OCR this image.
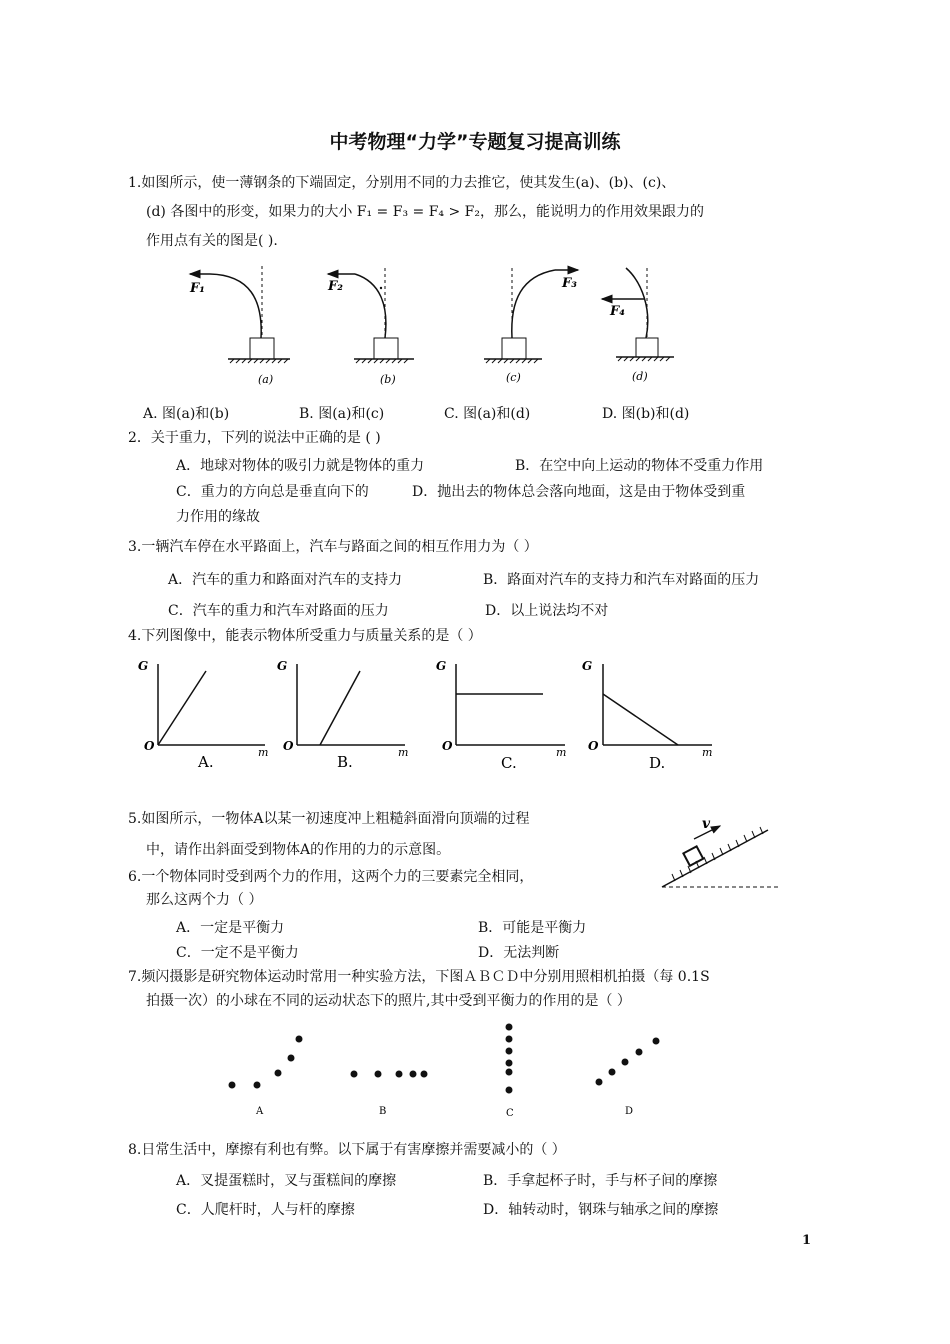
中考物理“力学”专题复习提高训练
1.如图所示，使一薄钢条的下端固定，分别用不同的力去推它，使其发生(a)、(b)、(c)、
(d) 各图中的形变，如果力的大小 F₁ = F₃ = F₄ > F₂，那么，能说明力的作用效果跟力的
作用点有关的图是( ).
F₁
(a)
F₂
(b)
F₃
(c)
F₄
(d)
A. 图(a)和(b)	B. 图(a)和(c)	C. 图(a)和(d)	D. 图(b)和(d)
2．关于重力，下列的说法中正确的是 ( )
A．地球对物体的吸引力就是物体的重力	B．在空中向上运动的物体不受重力作用
C．重力的方向总是垂直向下的	D．抛出去的物体总会落向地面，这是由于物体受到重
力作用的缘故
3.一辆汽车停在水平路面上，汽车与路面之间的相互作用力为（ ）
A．汽车的重力和路面对汽车的支持力	B．路面对汽车的支持力和汽车对路面的压力
C．汽车的重力和汽车对路面的压力	D．以上说法均不对
4.下列图像中，能表示物体所受重力与质量关系的是（ ）
G
O	m
A.
G
O	m
B.
G
O	m
C.
G
O	m
D.
5.如图所示，一物体A以某一初速度冲上粗糙斜面滑向顶端的过程
中，请作出斜面受到物体A的作用的力的示意图。
v
6.一个物体同时受到两个力的作用，这两个力的三要素完全相同，
那么这两个力（ ）
A．一定是平衡力	B．可能是平衡力
C．一定不是平衡力	D．无法判断
7.频闪摄影是研究物体运动时常用一种实验方法，下图ＡＢＣＤ中分别用照相机拍摄（每 0.1S
拍摄一次）的小球在不同的运动状态下的照片,其中受到平衡力的作用的是（ ）
A	B	C	D
8.日常生活中，摩擦有利也有弊。以下属于有害摩擦并需要减小的（ ）
A．叉提蛋糕时，叉与蛋糕间的摩擦	B．手拿起杯子时，手与杯子间的摩擦
C．人爬杆时，人与杆的摩擦	D．轴转动时，钢珠与轴承之间的摩擦
1
